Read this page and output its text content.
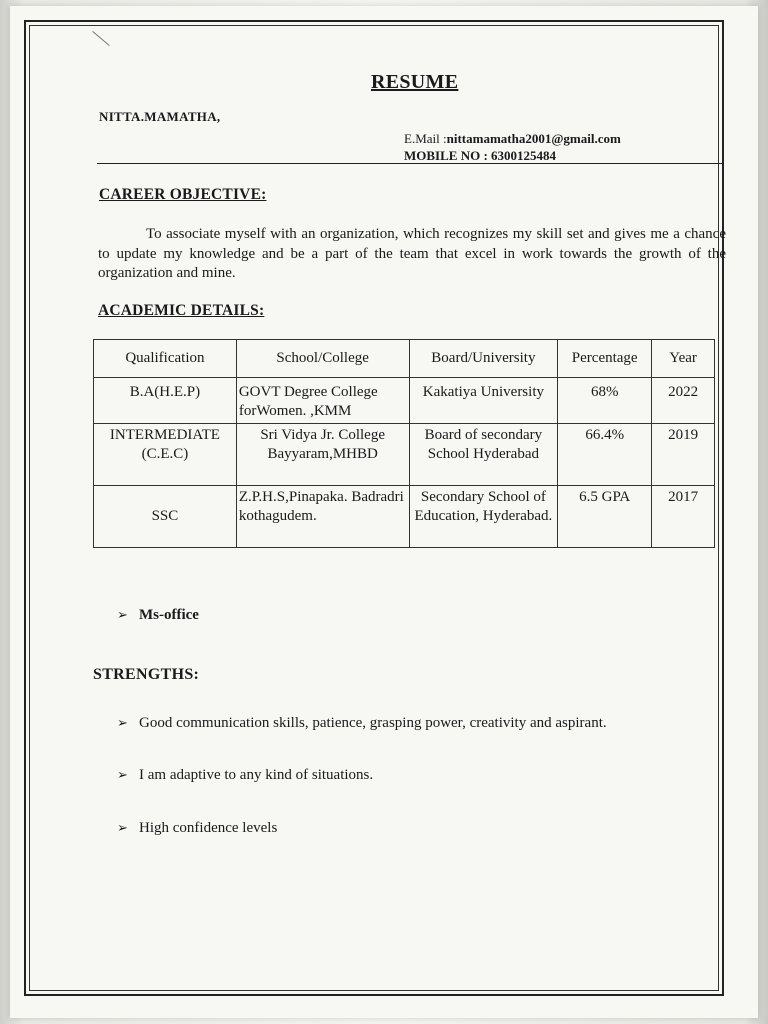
RESUME
NITTA.MAMATHA,
E.Mail :nittamamatha2001@gmail.com
MOBILE NO : 6300125484
CAREER OBJECTIVE:
To associate myself with an organization, which recognizes my skill set and gives me a chance to update my knowledge and be a part of the team that excel in work towards the growth of the organization and mine.
ACADEMIC DETAILS:
Qualification	School/College	Board/University	Percentage	Year
B.A(H.E.P)	GOVT Degree College forWomen. ,KMM	Kakatiya University	68%	2022
INTERMEDIATE (C.E.C)	Sri Vidya Jr. College Bayyaram,MHBD	Board of secondary School Hyderabad	66.4%	2019
SSC	Z.P.H.S,Pinapaka. Badradri kothagudem.	Secondary School of Education, Hyderabad.	6.5 GPA	2017
➢ Ms-office
STRENGTHS:
➢ Good communication skills, patience, grasping power, creativity and aspirant.
➢ I am adaptive to any kind of situations.
➢ High confidence levels
